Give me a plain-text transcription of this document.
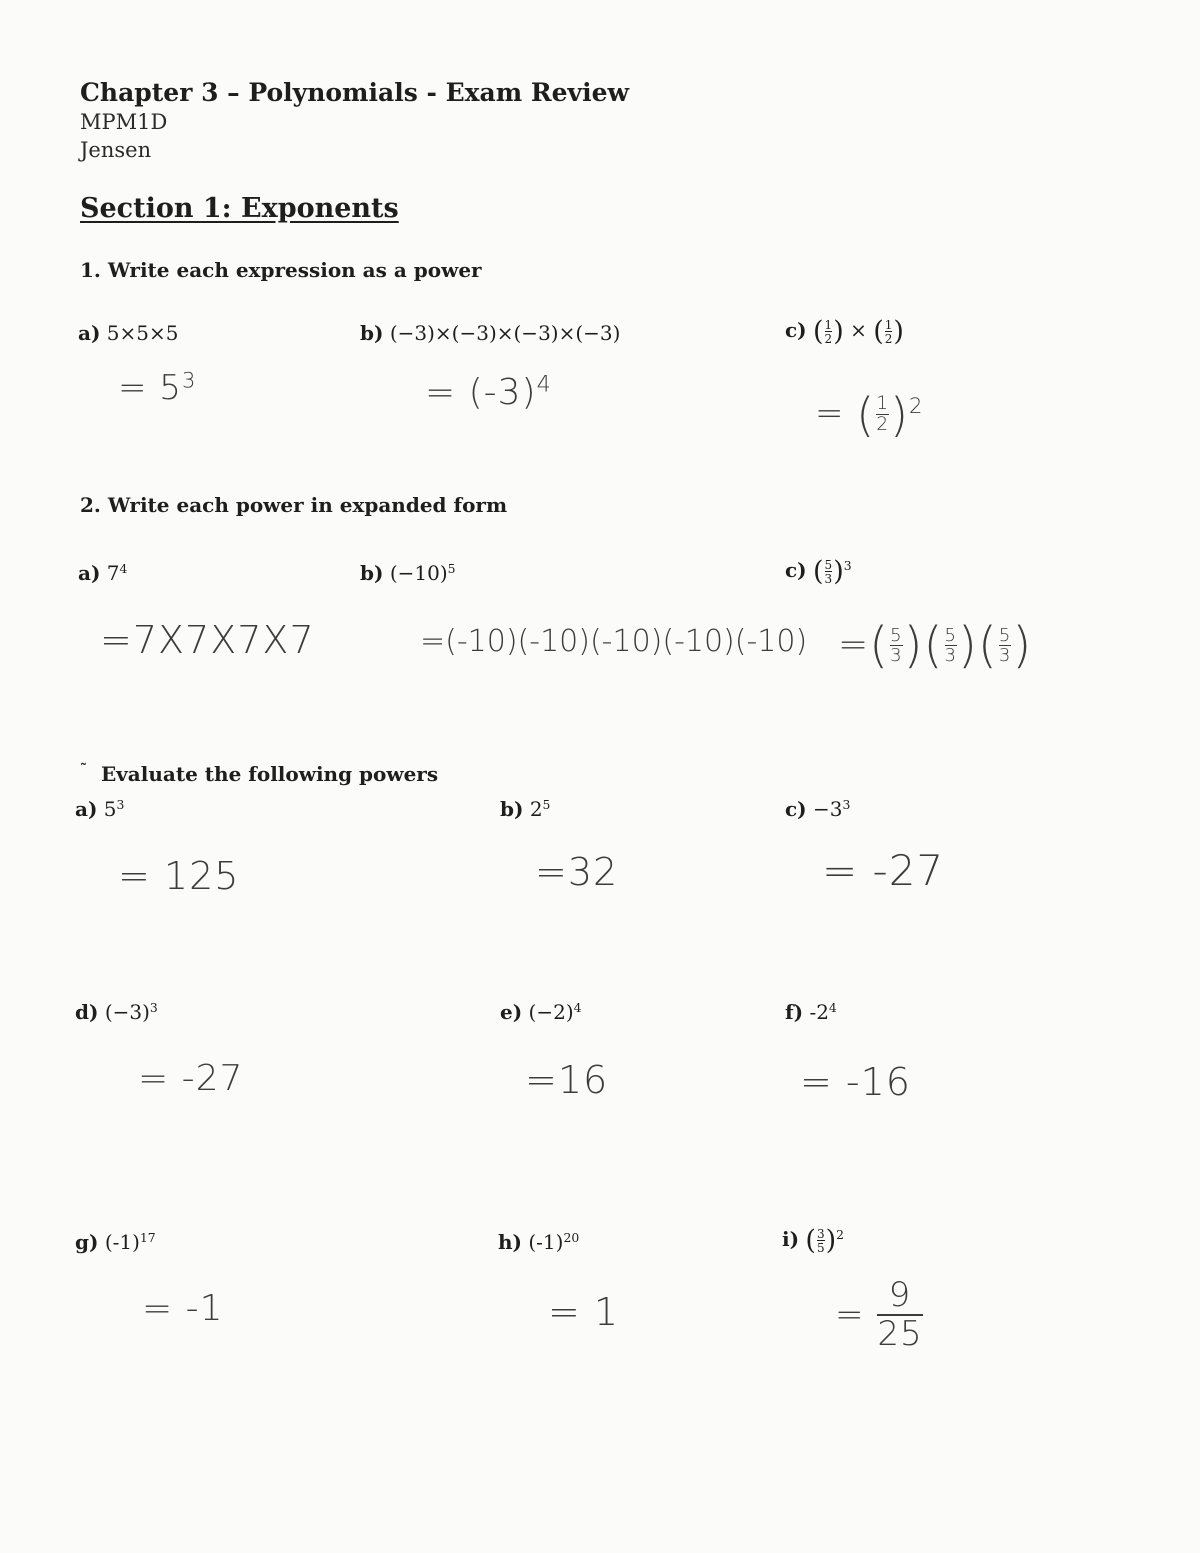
Chapter 3 – Polynomials - Exam Review
MPM1D
Jensen
Section 1: Exponents
1. Write each expression as a power
a) 5×5×5	b) (−3)×(−3)×(−3)×(−3)	c) ( $\frac{1}{2}$ ) × ( $\frac{1}{2}$ )
= $5^3$	= $(-3)^4$
= ( $\frac{1}{2} )^2$
2. Write each power in expanded form
a) $7^4$	b) $(-10)^5$	c) ( $\frac{5}{3} )^3$
=7X7X7X7	=(-10)(-10)(-10)(-10)(-10) =( $\frac{5}{3}$ )( $\frac{5}{3}$ )( $\frac{5}{3}$ )
˜ Evaluate the following powers
a) $5^3$	b) $2^5$	$c) -3^3$
= 125	=32	= -27
d) $(-3)^3$	e) $(-2)^4$	f) $-2^4$
= -27	=16	= -16
g) $(-1)^{17}$	h) $(-1)^{20}$	i) ( $\frac{3}{5} )^2$
= -1	= 1	= $\frac{9}{25}$
